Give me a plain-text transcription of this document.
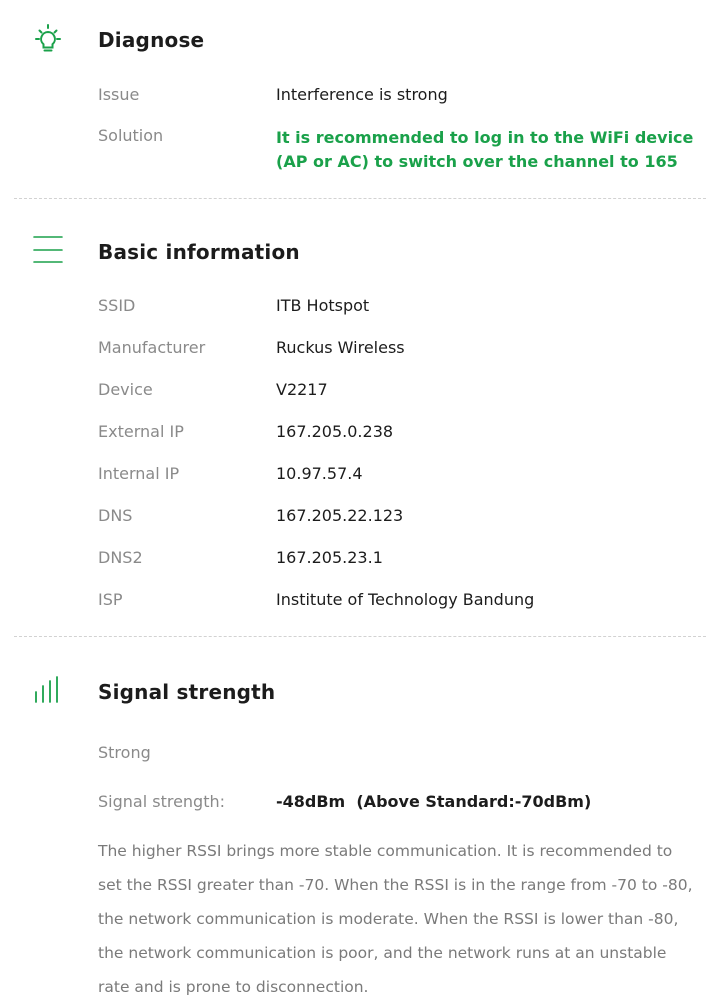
Diagnose
Issue	Interference is strong
Solution	It is recommended to log in to the WiFi device (AP or AC) to switch over the channel to 165
Basic information
SSID	ITB Hotspot
Manufacturer	Ruckus Wireless
Device	V2217
External IP	167.205.0.238
Internal IP	10.97.57.4
DNS	167.205.22.123
DNS2	167.205.23.1
ISP	Institute of Technology Bandung
Signal strength
Strong
Signal strength:	-48dBm  (Above Standard:-70dBm)
The higher RSSI brings more stable communication. It is recommended to set the RSSI greater than -70. When the RSSI is in the range from -70 to -80, the network communication is moderate. When the RSSI is lower than -80, the network communication is poor, and the network runs at an unstable rate and is prone to disconnection.
